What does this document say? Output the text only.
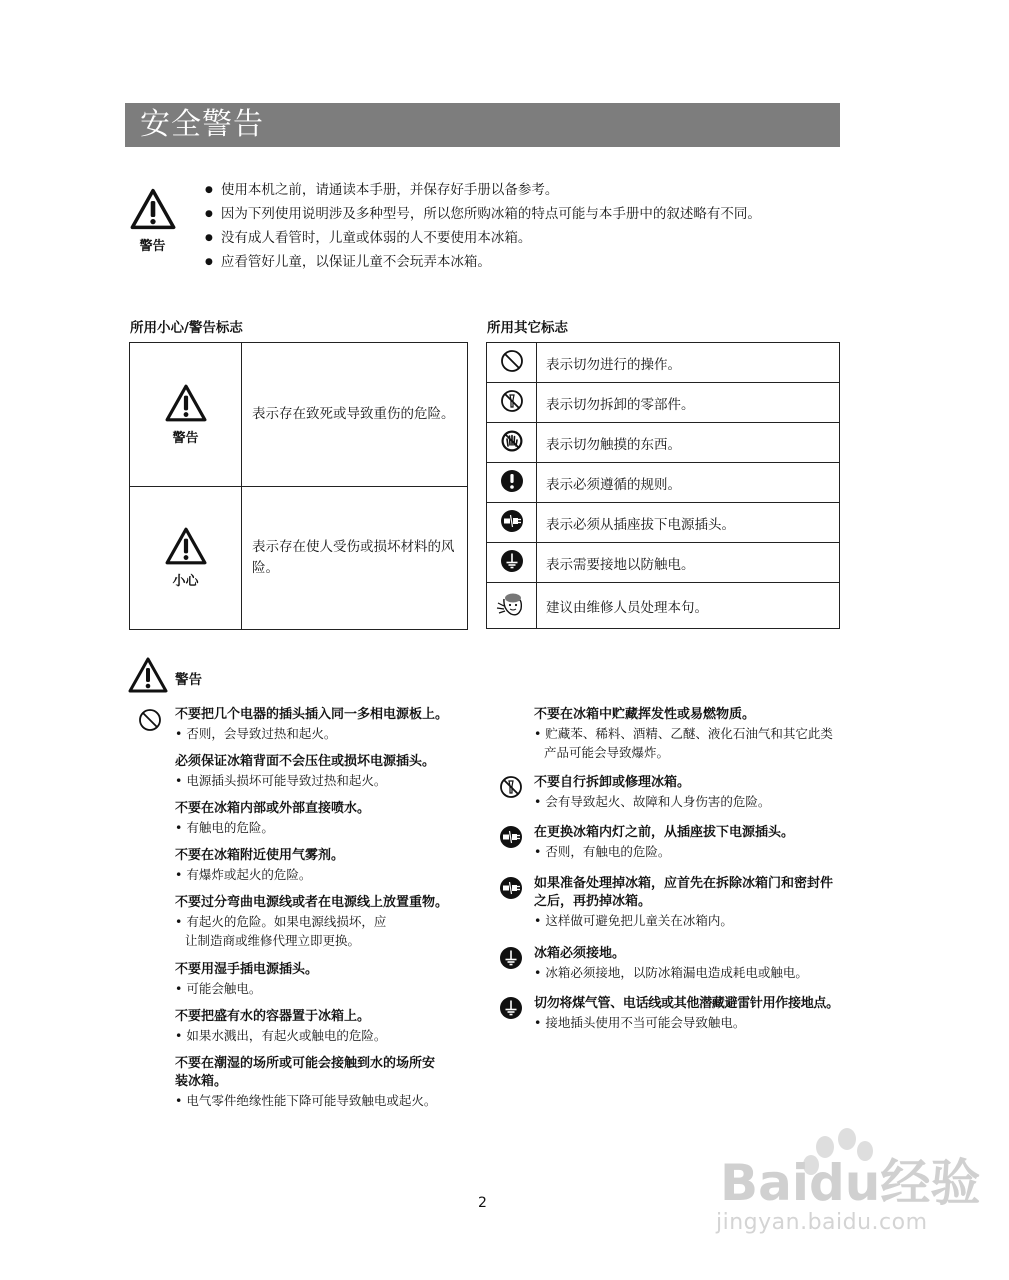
安全警告
警告
● 使用本机之前，请通读本手册，并保存好手册以备参考。
● 因为下列使用说明涉及多种型号，所以您所购冰箱的特点可能与本手册中的叙述略有不同。
● 没有成人看管时，儿童或体弱的人不要使用本冰箱。
● 应看管好儿童，以保证儿童不会玩弄本冰箱。
所用小心/警告标志	所用其它标志
警告	表示存在致死或导致重伤的危险。

小心	表示存在使人受伤或损坏材料的风险。
	表示切勿进行的操作。
	表示切勿拆卸的零部件。
	表示切勿触摸的东西。
	表示必须遵循的规则。
	表示必须从插座拔下电源插头。
	表示需要接地以防触电。
	建议由维修人员处理本句。
警告
不要把几个电器的插头插入同一多相电源板上。
• 否则，会导致过热和起火。
必须保证冰箱背面不会压住或损坏电源插头。
• 电源插头损坏可能导致过热和起火。
不要在冰箱内部或外部直接喷水。
• 有触电的危险。
不要在冰箱附近使用气雾剂。
• 有爆炸或起火的危险。
不要过分弯曲电源线或者在电源线上放置重物。
• 有起火的危险。如果电源线损坏，应让制造商或维修代理立即更换。
不要用湿手插电源插头。
• 可能会触电。
不要把盛有水的容器置于冰箱上。
• 如果水溅出，有起火或触电的危险。
不要在潮湿的场所或可能会接触到水的场所安装冰箱。
• 电气零件绝缘性能下降可能导致触电或起火。
不要在冰箱中贮藏挥发性或易燃物质。
• 贮藏苯、稀料、酒精、乙醚、液化石油气和其它此类产品可能会导致爆炸。
不要自行拆卸或修理冰箱。
• 会有导致起火、故障和人身伤害的危险。
在更换冰箱内灯之前，从插座拔下电源插头。
• 否则，有触电的危险。
如果准备处理掉冰箱，应首先在拆除冰箱门和密封件之后，再扔掉冰箱。
• 这样做可避免把儿童关在冰箱内。
冰箱必须接地。
• 冰箱必须接地，以防冰箱漏电造成耗电或触电。
切勿将煤气管、电话线或其他潜藏避雷针用作接地点。
• 接地插头使用不当可能会导致触电。
2	Baidu经验
jingyan.baidu.com
